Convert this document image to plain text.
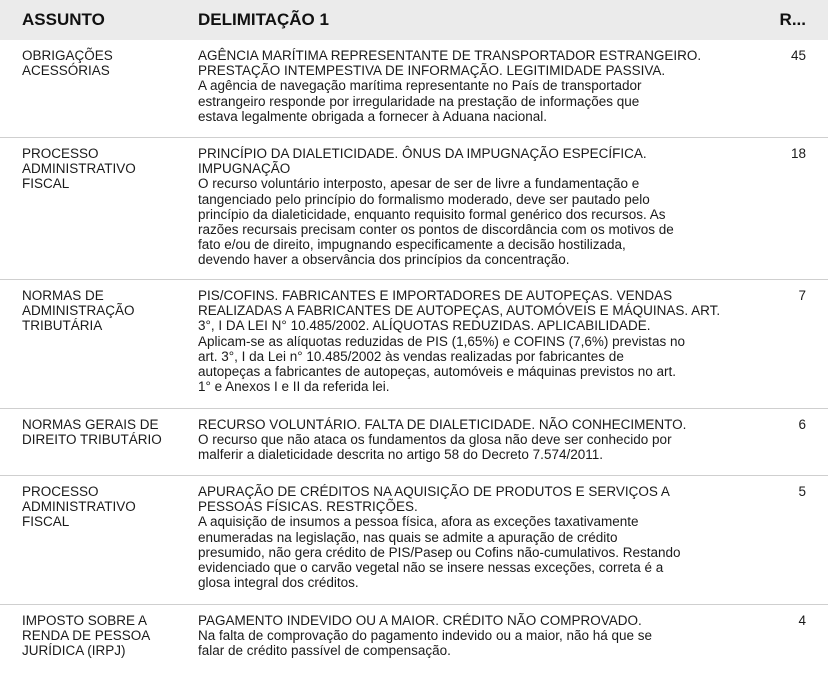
ASSUNTO	DELIMITAÇÃO 1	R...
OBRIGAÇÕES
ACESSÓRIAS
AGÊNCIA MARÍTIMA REPRESENTANTE DE TRANSPORTADOR ESTRANGEIRO.
PRESTAÇÃO INTEMPESTIVA DE INFORMAÇÃO. LEGITIMIDADE PASSIVA.
A agência de navegação marítima representante no País de transportador
estrangeiro responde por irregularidade na prestação de informações que
estava legalmente obrigada a fornecer à Aduana nacional.
45
PROCESSO
ADMINISTRATIVO
FISCAL
PRINCÍPIO DA DIALETICIDADE. ÔNUS DA IMPUGNAÇÃO ESPECÍFICA.
IMPUGNAÇÃO
O recurso voluntário interposto, apesar de ser de livre a fundamentação e
tangenciado pelo princípio do formalismo moderado, deve ser pautado pelo
princípio da dialeticidade, enquanto requisito formal genérico dos recursos. As
razões recursais precisam conter os pontos de discordância com os motivos de
fato e/ou de direito, impugnando especificamente a decisão hostilizada,
devendo haver a observância dos princípios da concentração.
18
NORMAS DE
ADMINISTRAÇÃO
TRIBUTÁRIA
PIS/COFINS. FABRICANTES E IMPORTADORES DE AUTOPEÇAS. VENDAS
REALIZADAS A FABRICANTES DE AUTOPEÇAS, AUTOMÓVEIS E MÁQUINAS. ART.
3°, I DA LEI N° 10.485/2002. ALÍQUOTAS REDUZIDAS. APLICABILIDADE.
Aplicam-se as alíquotas reduzidas de PIS (1,65%) e COFINS (7,6%) previstas no
art. 3°, I da Lei n° 10.485/2002 às vendas realizadas por fabricantes de
autopeças a fabricantes de autopeças, automóveis e máquinas previstos no art.
1° e Anexos I e II da referida lei.
7
NORMAS GERAIS DE
DIREITO TRIBUTÁRIO
RECURSO VOLUNTÁRIO. FALTA DE DIALETICIDADE. NÃO CONHECIMENTO.
O recurso que não ataca os fundamentos da glosa não deve ser conhecido por
malferir a dialeticidade descrita no artigo 58 do Decreto 7.574/2011.
6
PROCESSO
ADMINISTRATIVO
FISCAL
APURAÇÃO DE CRÉDITOS NA AQUISIÇÃO DE PRODUTOS E SERVIÇOS A
PESSOAS FÍSICAS. RESTRIÇÕES.
A aquisição de insumos a pessoa física, afora as exceções taxativamente
enumeradas na legislação, nas quais se admite a apuração de crédito
presumido, não gera crédito de PIS/Pasep ou Cofins não-cumulativos. Restando
evidenciado que o carvão vegetal não se insere nessas exceções, correta é a
glosa integral dos créditos.
5
IMPOSTO SOBRE A
RENDA DE PESSOA
JURÍDICA (IRPJ)
PAGAMENTO INDEVIDO OU A MAIOR. CRÉDITO NÃO COMPROVADO.
Na falta de comprovação do pagamento indevido ou a maior, não há que se
falar de crédito passível de compensação.
4
